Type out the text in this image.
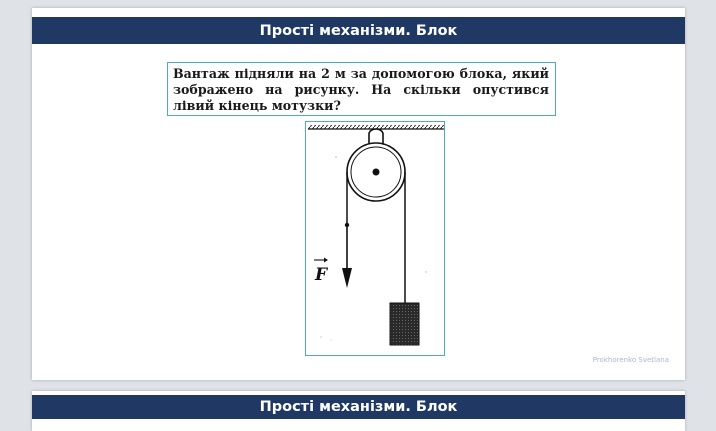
Прості механізми. Блок
Вантаж підняли на 2 м за допомогою блока, який зображено на рисунку. На скільки опустився лівий кінець мотузки?
F
Prokhorenko Svetlana
Прості механізми. Блок
